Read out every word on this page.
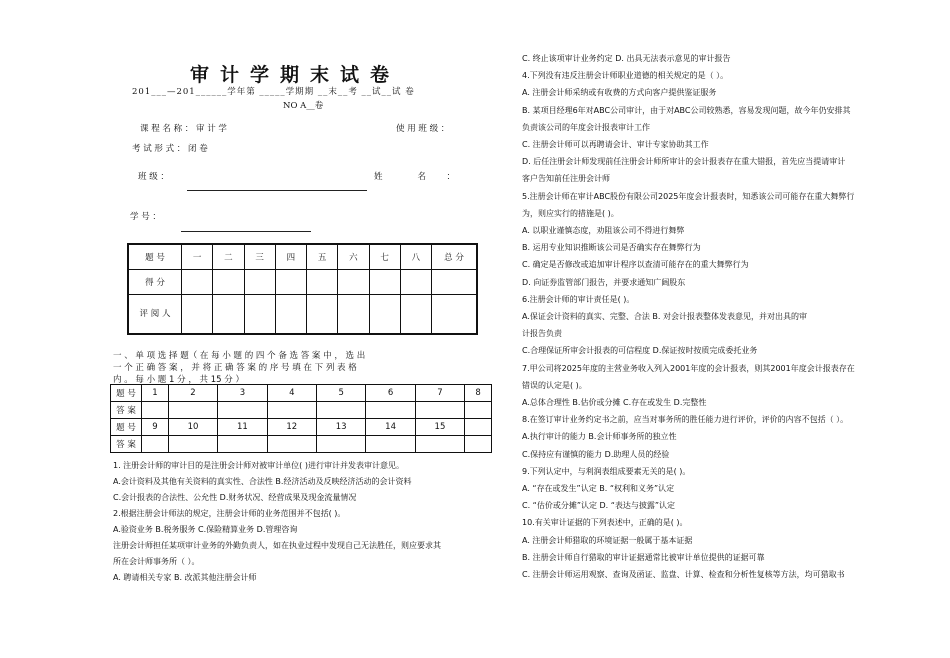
审计学期末试卷
201___—201______学年第 _____学期期 __末__考 __试__试 卷
NO A__卷
课 程 名 称 ： 审 计 学	使 用 班 级 ：
考 试 形 式 ： 闭 卷
班 级 ：	姓　　名　：
学 号 ：
题 号	一	二	三	四	五	六	七	八	总 分
得 分									
评 阅 人									
一 、 单 项 选 择 题（ 在 每 小 题 的 四 个 备 选 答 案 中 ， 选 出
一 个 正 确 答 案 ， 并 将 正 确 答 案 的 序 号 填 在 下 列 表 格
内 。 每 小 题 1 分 ， 共 15 分 ）
题 号	1	2	3	4	5	6	7	8
答 案								
题 号	9	10	11	12	13	14	15	
答 案								
1. 注册会计师的审计目的是注册会计师对被审计单位( )进行审计并发表审计意见。
A.会计资料及其他有关资料的真实性、合法性 B.经济活动及反映经济活动的会计资料
C.会计报表的合法性、公允性 D.财务状况、经营成果及现金流量情况
2.根据注册会计师法的规定，注册会计师的业务范围并不包括( )。
A.验资业务 B.税务服务 C.保险精算业务 D.管理咨询
注册会计师担任某项审计业务的外勤负责人，如在执业过程中发现自己无法胜任，则应要求其
所在会计师事务所（ ）。
A. 聘请相关专家 B. 改派其他注册会计师
C. 终止该项审计业务约定 D. 出具无法表示意见的审计报告
4.下列没有违反注册会计师职业道德的相关规定的是（ ）。
A. 注册会计师采纳或有收费的方式向客户提供鉴证服务
B. 某项目经理6年对ABC公司审计，由于对ABC公司较熟悉，容易发现问题，故今年仍安排其
负责该公司的年度会计报表审计工作
C. 注册会计师可以再聘请会计、审计专家协助其工作
D. 后任注册会计师发现前任注册会计师所审计的会计报表存在重大错报，首先应当提请审计
客户告知前任注册会计师
5.注册会计师在审计ABC股份有限公司2025年度会计报表时，知悉该公司可能存在重大舞弊行
为，则应实行的措施是( )。
A. 以职业谨慎态度，劝阻该公司不得进行舞弊
B. 运用专业知识推断该公司是否确实存在舞弊行为
C. 确定是否修改或追加审计程序以查清可能存在的重大舞弊行为
D. 向证券监管部门报告，并要求通知广阔股东
6.注册会计师的审计责任是( )。
A.保证会计资料的真实、完整、合法 B. 对会计报表整体发表意见，并对出具的审
计报告负责
C.合理保证所审会计报表的可信程度 D.保证按时按质完成委托业务
7.甲公司将2025年度的主营业务收入列入2001年度的会计报表，则其2001年度会计报表存在
错误的认定是( )。
A.总体合理性 B.估价或分摊 C.存在或发生 D.完整性
8.在签订审计业务约定书之前，应当对事务所的胜任能力进行评价，评价的内容不包括（ ）。
A.执行审计的能力 B.会计师事务所的独立性
C.保持应有谨慎的能力 D.助理人员的经验
9.下列认定中，与利润表组成要素无关的是( )。
A. “存在或发生”认定 B. “权利和义务”认定
C. “估价或分摊”认定 D. “表达与披露”认定
10.有关审计证据的下列表述中，正确的是( )。
A. 注册会计师猎取的环境证据一般属于基本证据
B. 注册会计师自行猎取的审计证据通常比被审计单位提供的证据可靠
C. 注册会计师运用观察、查询及函证、监盘、计算、检查和分析性复核等方法，均可猎取书
